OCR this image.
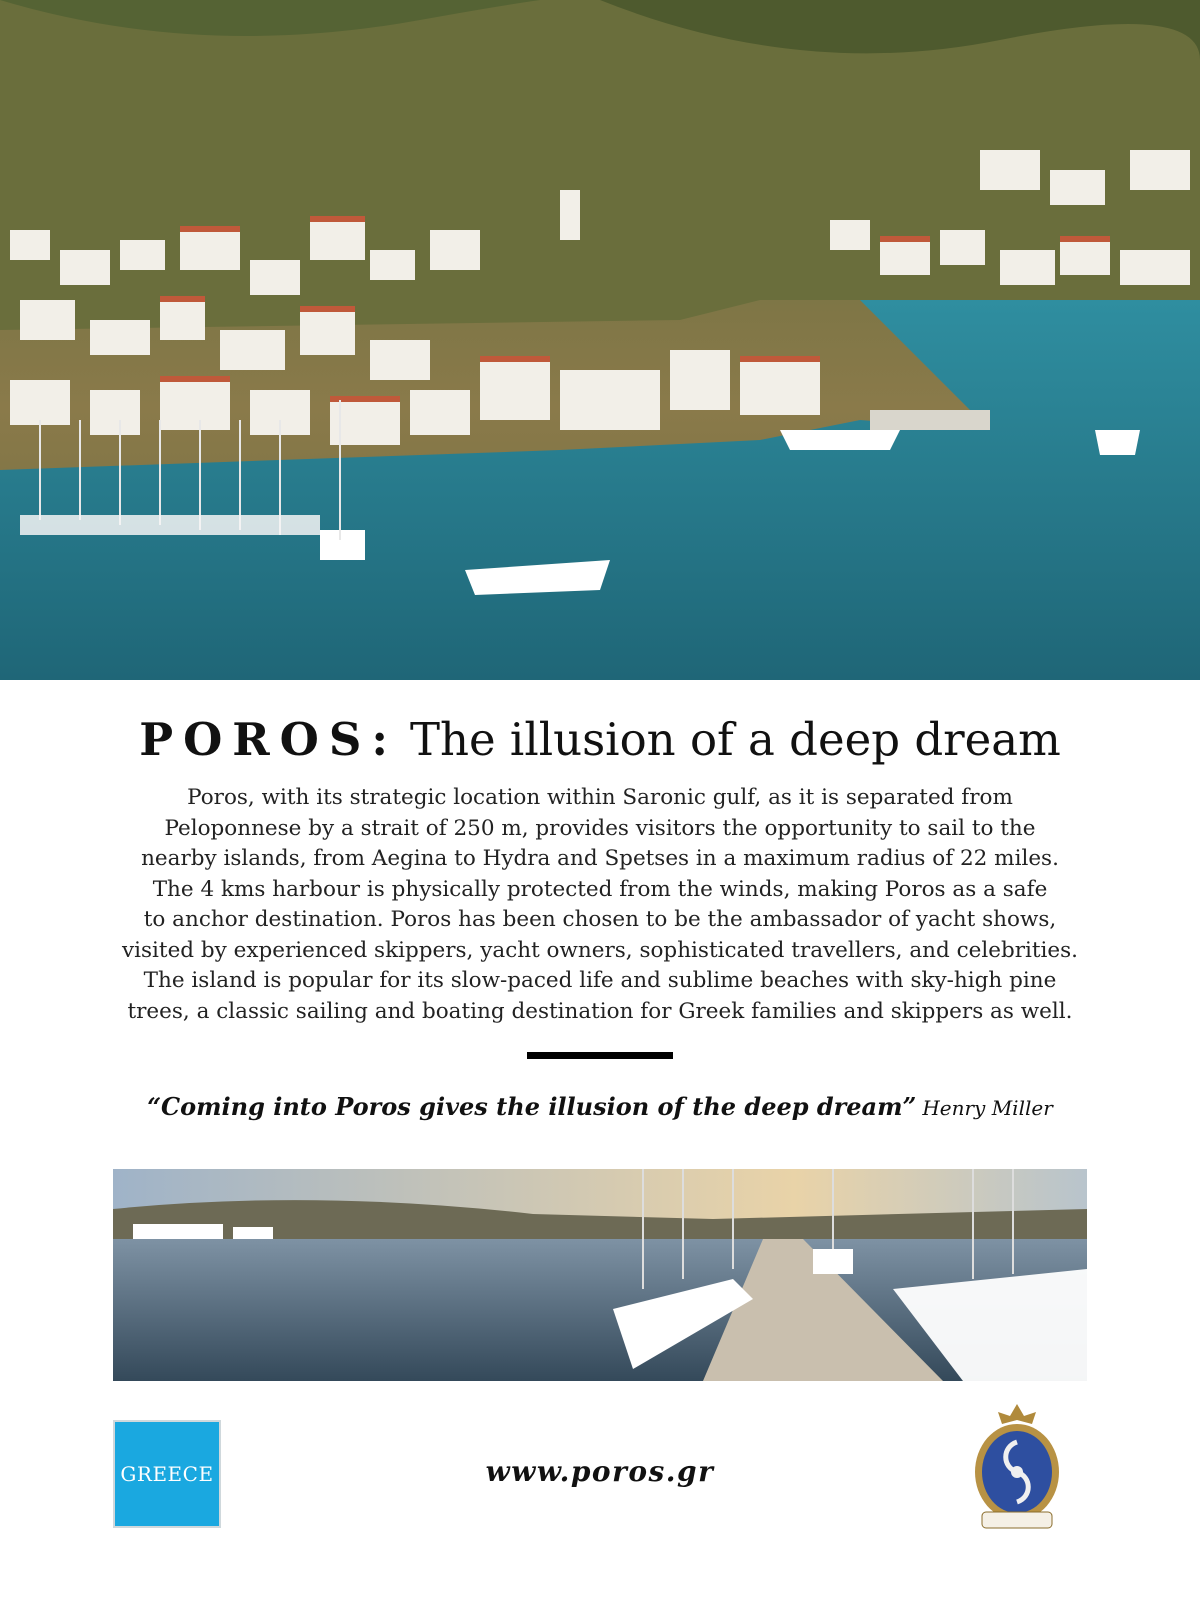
POROS: The illusion of a deep dream
Poros, with its strategic location within Saronic gulf, as it is separated from
Peloponnese by a strait of 250 m, provides visitors the opportunity to sail to the
nearby islands, from Aegina to Hydra and Spetses in a maximum radius of 22 miles.
The 4 kms harbour is physically protected from the winds, making Poros as a safe
to anchor destination. Poros has been chosen to be the ambassador of yacht shows,
visited by experienced skippers, yacht owners, sophisticated travellers, and celebrities.
The island is popular for its slow-paced life and sublime beaches with sky-high pine
trees, a classic sailing and boating destination for Greek families and skippers as well.
“Coming into Poros gives the illusion of the deep dream” Henry Miller
GREECE	www.poros.gr
